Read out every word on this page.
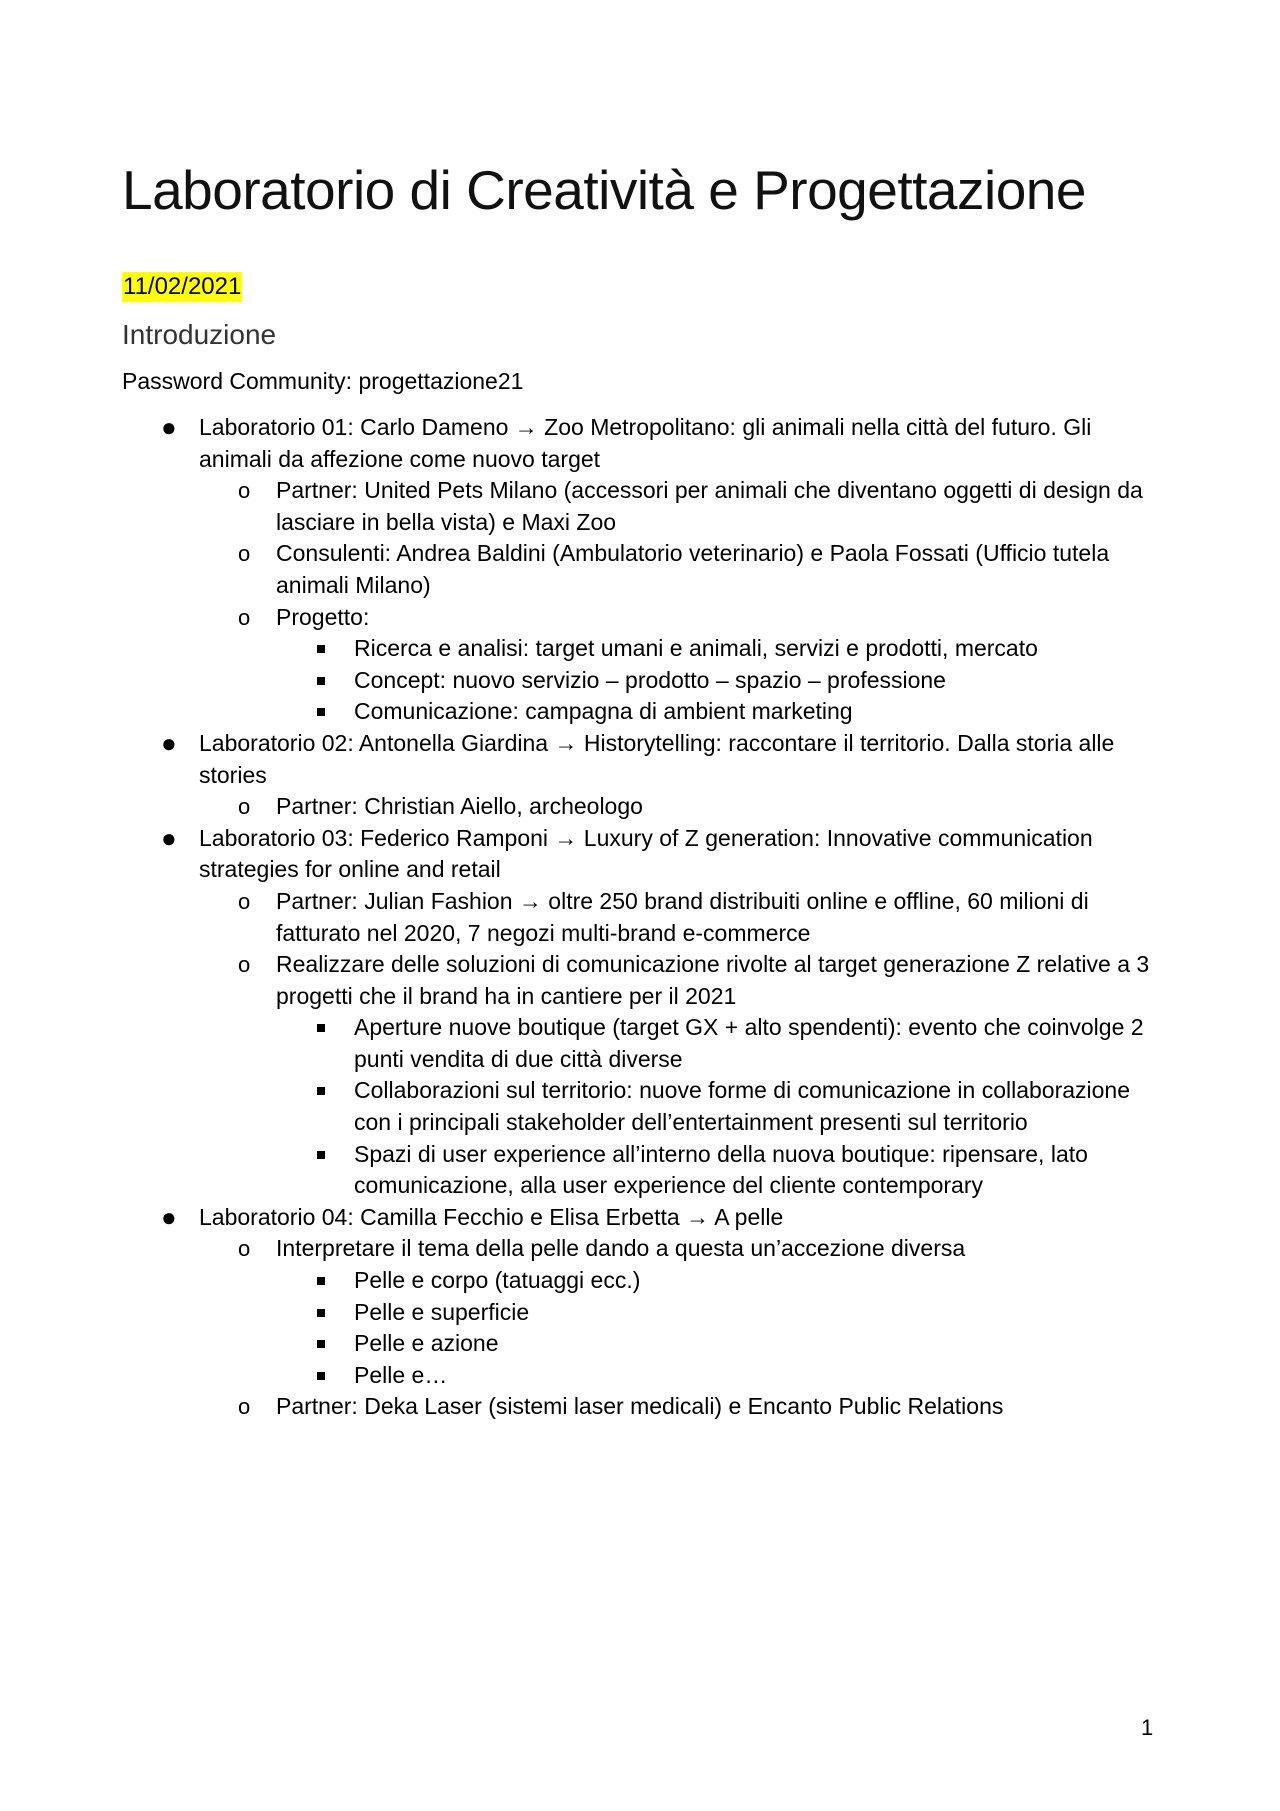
Laboratorio di Creatività e Progettazione
11/02/2021
Introduzione
Password Community: progettazione21
● Laboratorio 01: Carlo Dameno → Zoo Metropolitano: gli animali nella città del futuro. Gli animali da affezione come nuovo target
o Partner: United Pets Milano (accessori per animali che diventano oggetti di design da lasciare in bella vista) e Maxi Zoo
o Consulenti: Andrea Baldini (Ambulatorio veterinario) e Paola Fossati (Ufficio tutela animali Milano)
o Progetto:
Ricerca e analisi: target umani e animali, servizi e prodotti, mercato
Concept: nuovo servizio – prodotto – spazio – professione
Comunicazione: campagna di ambient marketing
● Laboratorio 02: Antonella Giardina → Historytelling: raccontare il territorio. Dalla storia alle stories
o Partner: Christian Aiello, archeologo
● Laboratorio 03: Federico Ramponi → Luxury of Z generation: Innovative communication strategies for online and retail
o Partner: Julian Fashion → oltre 250 brand distribuiti online e offline, 60 milioni di fatturato nel 2020, 7 negozi multi-brand e-commerce
o Realizzare delle soluzioni di comunicazione rivolte al target generazione Z relative a 3 progetti che il brand ha in cantiere per il 2021
Aperture nuove boutique (target GX + alto spendenti): evento che coinvolge 2 punti vendita di due città diverse
Collaborazioni sul territorio: nuove forme di comunicazione in collaborazione con i principali stakeholder dell’entertainment presenti sul territorio
Spazi di user experience all’interno della nuova boutique: ripensare, lato comunicazione, alla user experience del cliente contemporary
● Laboratorio 04: Camilla Fecchio e Elisa Erbetta → A pelle
o Interpretare il tema della pelle dando a questa un’accezione diversa
Pelle e corpo (tatuaggi ecc.)
Pelle e superficie
Pelle e azione
Pelle e…
o Partner: Deka Laser (sistemi laser medicali) e Encanto Public Relations
1
